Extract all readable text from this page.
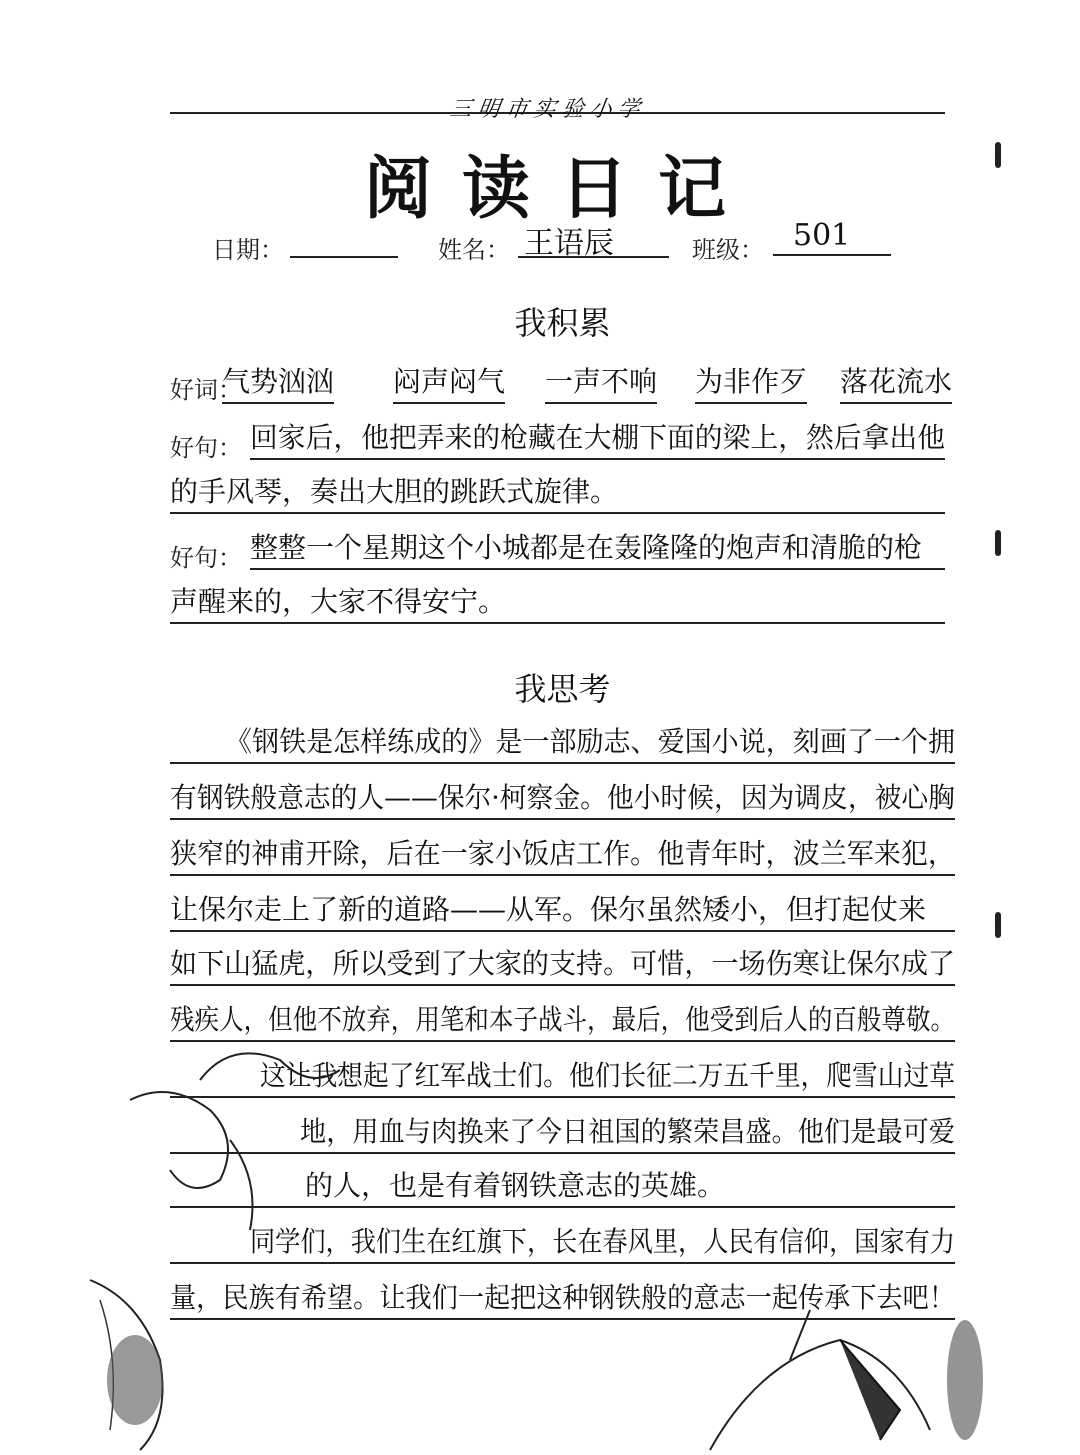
三明市实验小学
阅读日记
日期：	姓名： 王语辰	班级： 501
我积累
好词：
气势汹汹 闷声闷气 一声不响 为非作歹 落花流水
好句： 回家后，他把弄来的枪藏在大棚下面的梁上，然后拿出他
的手风琴，奏出大胆的跳跃式旋律。
好句： 整整一个星期这个小城都是在轰隆隆的炮声和清脆的枪
声醒来的，大家不得安宁。
我思考
《钢铁是怎样练成的》是一部励志、爱国小说，刻画了一个拥
有钢铁般意志的人——保尔·柯察金。他小时候，因为调皮，被心胸
狭窄的神甫开除，后在一家小饭店工作。他青年时，波兰军来犯，
让保尔走上了新的道路——从军。保尔虽然矮小，但打起仗来
如下山猛虎，所以受到了大家的支持。可惜，一场伤寒让保尔成了
残疾人，但他不放弃，用笔和本子战斗，最后，他受到后人的百般尊敬。
这让我想起了红军战士们。他们长征二万五千里，爬雪山过草
地，用血与肉换来了今日祖国的繁荣昌盛。他们是最可爱
的人，也是有着钢铁意志的英雄。
同学们，我们生在红旗下，长在春风里，人民有信仰，国家有力
量，民族有希望。让我们一起把这种钢铁般的意志一起传承下去吧！
